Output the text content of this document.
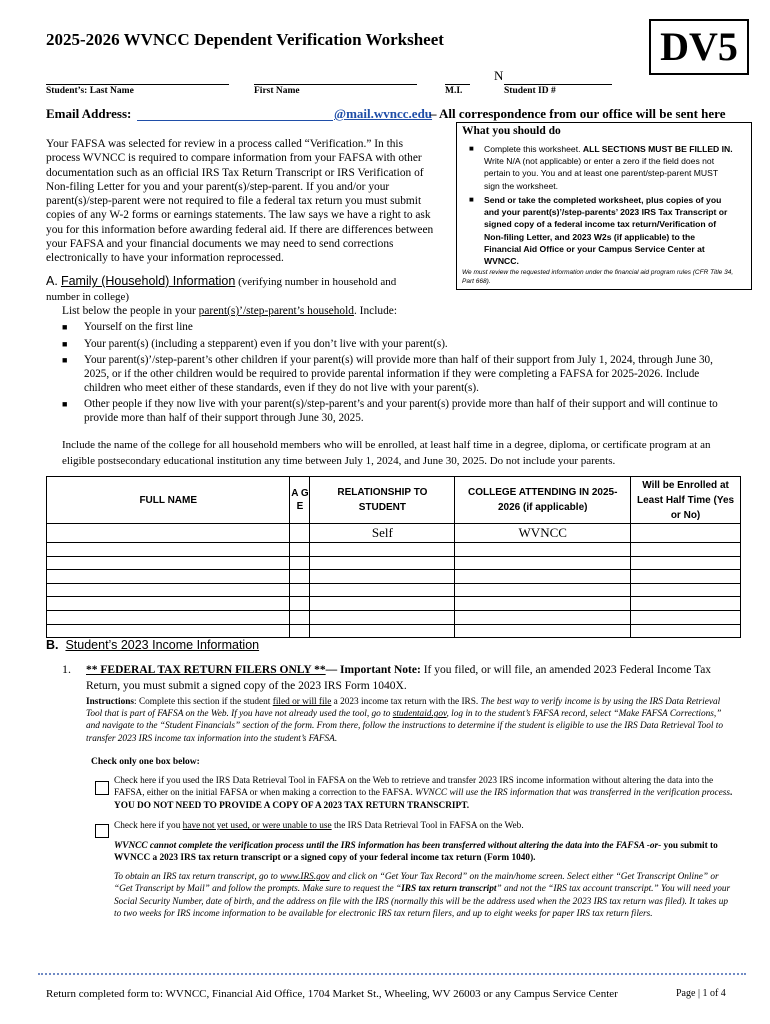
2025-2026 WVNCC Dependent Verification Worksheet	DV5
N
Student’s: Last Name	First Name	M.I.	Student ID #
Email Address:	@mail.wvncc.edu
– All correspondence from our office will be sent here
Your FAFSA was selected for review in a process called “Verification.” In this process WVNCC is required to compare information from your FAFSA with other documentation such as an official IRS Tax Return Transcript or IRS Verification of Non-filing Letter for you and your parent(s)/step-parent. If you and/or your parent(s)/step-parent were not required to file a federal tax return you must submit copies of any W-2 forms or earnings statements. The law says we have a right to ask you for this information before awarding federal aid. If there are differences between your FAFSA and your financial documents we may need to send corrections electronically to have your information reprocessed.
What you should do
■ Complete this worksheet. ALL SECTIONS MUST BE FILLED IN. Write N/A (not applicable) or enter a zero if the field does not pertain to you. You and at least one parent/step-parent MUST sign the worksheet.
■ Send or take the completed worksheet, plus copies of you and your parent(s)’/step-parents’ 2023 IRS Tax Transcript or signed copy of a federal income tax return/Verification of Non-filing Letter, and 2023 W2s (if applicable) to the Financial Aid Office or your Campus Service Center at WVNCC.
We must review the requested information under the financial aid program rules (CFR Title 34, Part 668).
A. Family (Household) Information (verifying number in household and
number in college)
List below the people in your parent(s)’/step-parent’s household. Include:
■ Yourself on the first line
■ Your parent(s) (including a stepparent) even if you don’t live with your parent(s).
■ Your parent(s)’/step-parent’s other children if your parent(s) will provide more than half of their support from July 1, 2024, through June 30, 2025, or if the other children would be required to provide parental information if they were completing a FAFSA for 2025-2026. Include children who meet either of these standards, even if they do not live with your parent(s).
■ Other people if they now live with your parent(s)/step-parent’s and your parent(s) provide more than half of their support and will continue to provide more than half of their support through June 30, 2025.
Include the name of the college for all household members who will be enrolled, at least half time in a degree, diploma, or certificate program at an eligible postsecondary educational institution any time between July 1, 2024, and June 30, 2025. Do not include your parents.
FULL NAME	A G E	RELATIONSHIP TO STUDENT	COLLEGE ATTENDING IN 2025-2026 (if applicable)	Will be Enrolled at Least Half Time (Yes or No)
		Self	WVNCC	

B. Student’s 2023 Income Information
1. ** FEDERAL TAX RETURN FILERS ONLY **— Important Note: If you filed, or will file, an amended 2023 Federal Income Tax Return, you must submit a signed copy of the 2023 IRS Form 1040X.
Instructions: Complete this section if the student filed or will file a 2023 income tax return with the IRS. The best way to verify income is by using the IRS Data Retrieval Tool that is part of FAFSA on the Web. If you have not already used the tool, go to studentaid.gov, log in to the student’s FAFSA record, select “Make FAFSA Corrections,” and navigate to the “Student Financials” section of the form. From there, follow the instructions to determine if the student is eligible to use the IRS Data Retrieval Tool to transfer 2023 IRS income tax information into the student’s FAFSA.
Check only one box below:
Check here if you used the IRS Data Retrieval Tool in FAFSA on the Web to retrieve and transfer 2023 IRS income information without altering the data into the FAFSA, either on the initial FAFSA or when making a correction to the FAFSA. WVNCC will use the IRS information that was transferred in the verification process. YOU DO NOT NEED TO PROVIDE A COPY OF A 2023 TAX RETURN TRANSCRIPT.
Check here if you have not yet used, or were unable to use the IRS Data Retrieval Tool in FAFSA on the Web.
WVNCC cannot complete the verification process until the IRS information has been transferred without altering the data into the FAFSA -or- you submit to WVNCC a 2023 IRS tax return transcript or a signed copy of your federal income tax return (Form 1040).
To obtain an IRS tax return transcript, go to www.IRS.gov and click on “Get Your Tax Record” on the main/home screen. Select either “Get Transcript Online” or “Get Transcript by Mail” and follow the prompts. Make sure to request the “IRS tax return transcript” and not the “IRS tax account transcript.” You will need your Social Security Number, date of birth, and the address on file with the IRS (normally this will be the address used when the 2023 IRS tax return was filed). It takes up to two weeks for IRS income information to be available for electronic IRS tax return filers, and up to eight weeks for paper IRS tax return filers.
Return completed form to: WVNCC, Financial Aid Office, 1704 Market St., Wheeling, WV 26003 or any Campus Service Center	Page | 1 of 4
